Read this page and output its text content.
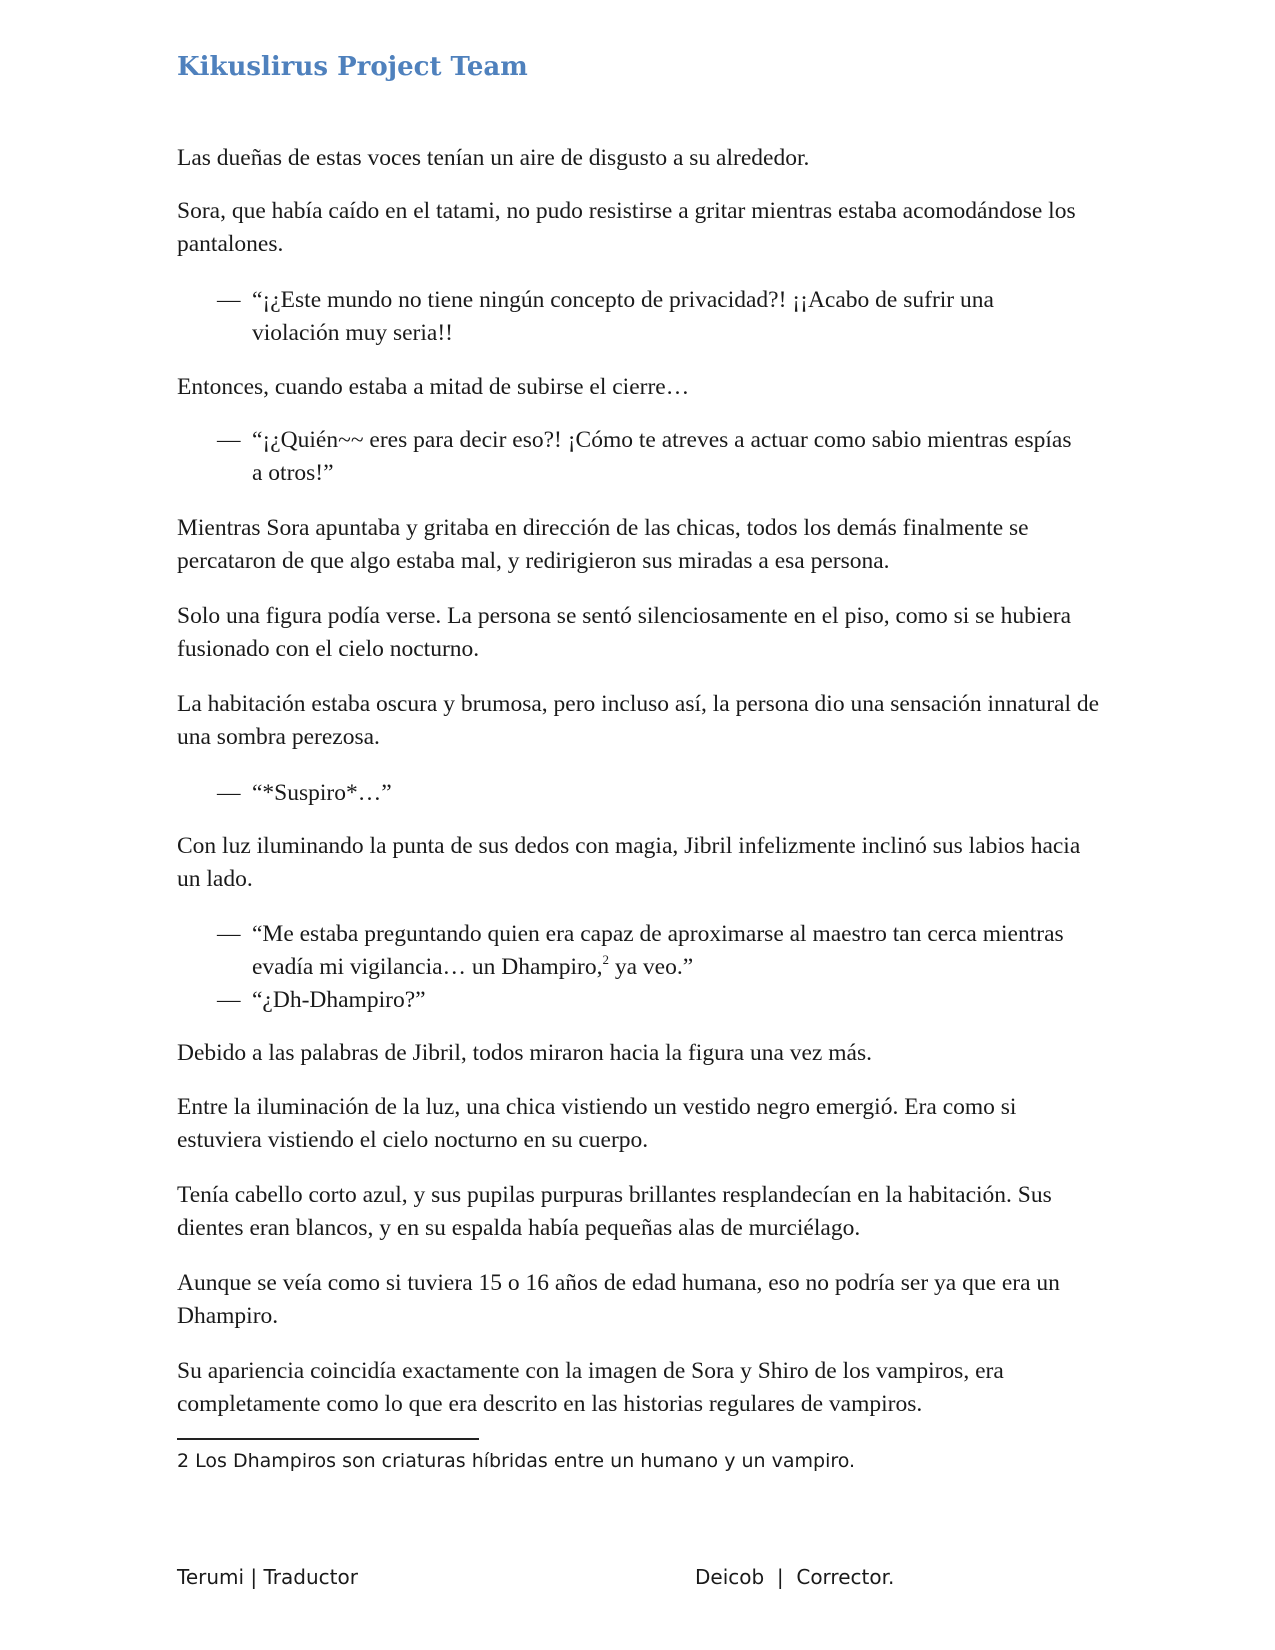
Kikuslirus Project Team

Las dueñas de estas voces tenían un aire de disgusto a su alrededor.

Sora, que había caído en el tatami, no pudo resistirse a gritar mientras estaba acomodándose los pantalones.

— “¡¿Este mundo no tiene ningún concepto de privacidad?! ¡¡Acabo de sufrir una violación muy seria!!

Entonces, cuando estaba a mitad de subirse el cierre…

— “¡¿Quién~~ eres para decir eso?! ¡Cómo te atreves a actuar como sabio mientras espías a otros!”

Mientras Sora apuntaba y gritaba en dirección de las chicas, todos los demás finalmente se percataron de que algo estaba mal, y redirigieron sus miradas a esa persona.

Solo una figura podía verse. La persona se sentó silenciosamente en el piso, como si se hubiera fusionado con el cielo nocturno.

La habitación estaba oscura y brumosa, pero incluso así, la persona dio una sensación innatural de una sombra perezosa.

— “*Suspiro*…”

Con luz iluminando la punta de sus dedos con magia, Jibril infelizmente inclinó sus labios hacia un lado.

— “Me estaba preguntando quien era capaz de aproximarse al maestro tan cerca mientras evadía mi vigilancia… un Dhampiro,$^2$ ya veo.”
— “¿Dh-Dhampiro?”

Debido a las palabras de Jibril, todos miraron hacia la figura una vez más.

Entre la iluminación de la luz, una chica vistiendo un vestido negro emergió. Era como si estuviera vistiendo el cielo nocturno en su cuerpo.

Tenía cabello corto azul, y sus pupilas purpuras brillantes resplandecían en la habitación. Sus dientes eran blancos, y en su espalda había pequeñas alas de murciélago.

Aunque se veía como si tuviera 15 o 16 años de edad humana, eso no podría ser ya que era un Dhampiro.

Su apariencia coincidía exactamente con la imagen de Sora y Shiro de los vampiros, era completamente como lo que era descrito en las historias regulares de vampiros.

2 Los Dhampiros son criaturas híbridas entre un humano y un vampiro.
Terumi | Traductor	Deicob  |  Corrector.
